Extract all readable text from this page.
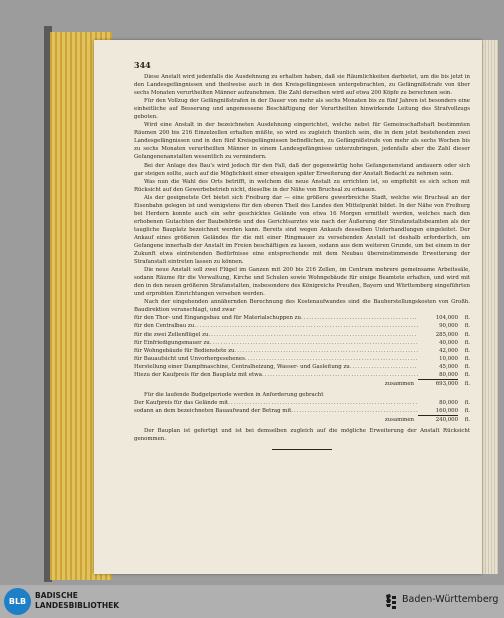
344

Diese Anstalt wird jedenfalls die Ausdehnung zu erhalten haben, daß sie Räumlichkeiten darbietet, um die bis jetzt in den Landesgefängnissen und theilweise auch in den Kreisgefängnissen untergebrachten, zu Gefängnißstrafe von über sechs Monaten verurtheilten Männer aufzunehmen. Die Zahl derselben wird auf etwa 200 Köpfe zu berechnen sein.

Für den Vollzug der Gefängnißstrafen in der Dauer von mehr als sechs Monaten bis zu fünf Jahren ist besonders eine einheitliche auf Besserung und angemessene Beschäftigung der Verurtheilten hinwirkende Leitung des Strafvollzugs geboten.

Wird eine Anstalt in der bezeichneten Ausdehnung eingerichtet, welche nebst für Gemeinschaftshaft bestimmten Räumen 200 bis 216 Einzelzellen erhalten müßte, so wird es zugleich thunlich sein, die in dem jetzt bestehenden zwei Landesgefängnissen und in den fünf Kreisgefängnissen befindlichen, zu Gefängnißstrafe von mehr als sechs Wochen bis zu sechs Monaten verurtheilten Männer in einem Landesgefängnisse unterzubringen, jedenfalls aber die Zahl dieser Gefangenenanstalten wesentlich zu vermindern.

Bei der Anlage des Bau's wird jedoch für den Fall, daß der gegenwärtig hohe Gefangenenstand andauern oder sich gar steigen sollte, auch auf die Möglichkeit einer etwaigen später Erweiterung der Anstalt Bedacht zu nehmen sein.

Was nun die Wahl des Orts betrifft, in welchem die neue Anstalt zu errichten ist, so empfiehlt es sich schon mit Rücksicht auf den Gewerbebetrieb nicht, dieselbe in der Nähe von Bruchsal zu erbauen.

Als der geeignetste Ort bietet sich Freiburg dar — eine größere gewerbreiche Stadt, welche wie Bruchsal an der Eisenbahn gelegen ist und wenigstens für den oberen Theil des Landes den Mittelpunkt bildet. In der Nähe von Freiburg bei Herdern konnte auch ein sehr geschicktes Gelände von etwa 16 Morgen ermittelt werden, welches nach den erhobenen Gutachten der Baubehörde und des Gerichtsarztes wie nach der Äußerung der Strafanstaltsbeamten als der taugliche Bauplatz bezeichnet werden kann. Bereits sind wegen Ankaufs desselben Unterhandlungen eingeleitet. Der Ankauf eines größeren Geländes für die mit einer Ringmauer zu versehenden Anstalt ist deshalb erforderlich, um Gefangene innerhalb der Anstalt im Freien beschäftigen zu lassen, sodann aus dem weiteren Grunde, um bei einem in der Zukunft etwa eintretenden Bedürfnisse eine entsprechende mit dem Neubau übereinstimmende Erweiterung der Strafanstalt eintreten lassen zu können.

Die neue Anstalt soll zwei Flügel im Ganzen mit 200 bis 216 Zellen, im Centrum mehrere gemeinsame Arbeitssäle, sodann Räume für die Verwaltung, Kirche und Schulen sowie Wohngebäude für einige Beamtete erhalten, und wird mit den in den neuen größeren Strafanstalten, insbesondere des Königreichs Preußen, Bayern und Württemberg eingeführten und erprobten Einrichtungen versehen werden.

Nach der eingehenden annähernden Berechnung des Kostenaufwandes sind die Bauherstellungskosten von Großh. Baudirektion veranschlagt, und zwar

für den Thor- und Eingangsbau und für Materialschuppen zu .....	104,000	fl.
für den Centralbau zu .....	90,000	fl.
für die zwei Zellenflügel zu .....	285,000	fl.
für Einfriedigungsmauer zu .....	40,000	fl.
für Wohngebäude für Bedienstete zu .....	42,000	fl.
für Bauaufsicht und Unvorhergesehenes .....	10,000	fl.
Herstellung einer Dampfmaschine, Centralheizung, Wasser- und Gasleitung zu .....	45,000	fl.
Hiezu der Kaufpreis für den Bauplatz mit etwa .....	80,000	fl.
zusammen	693,000	fl.

Für die laufende Budgetperiode werden in Anforderung gebracht

Der Kaufpreis für das Gelände mit .....	80,000	fl.
sodann an dem bezeichneten Bauaufwand der Betrag mit .....	160,000	fl.
zusammen	240,000	fl.

Der Bauplan ist gefertigt und ist bei demselben zugleich auf die mögliche Erweiterung der Anstalt Rücksicht genommen.

BLB
BADISCHE
LANDESBIBLIOTHEK
Baden-Württemberg
